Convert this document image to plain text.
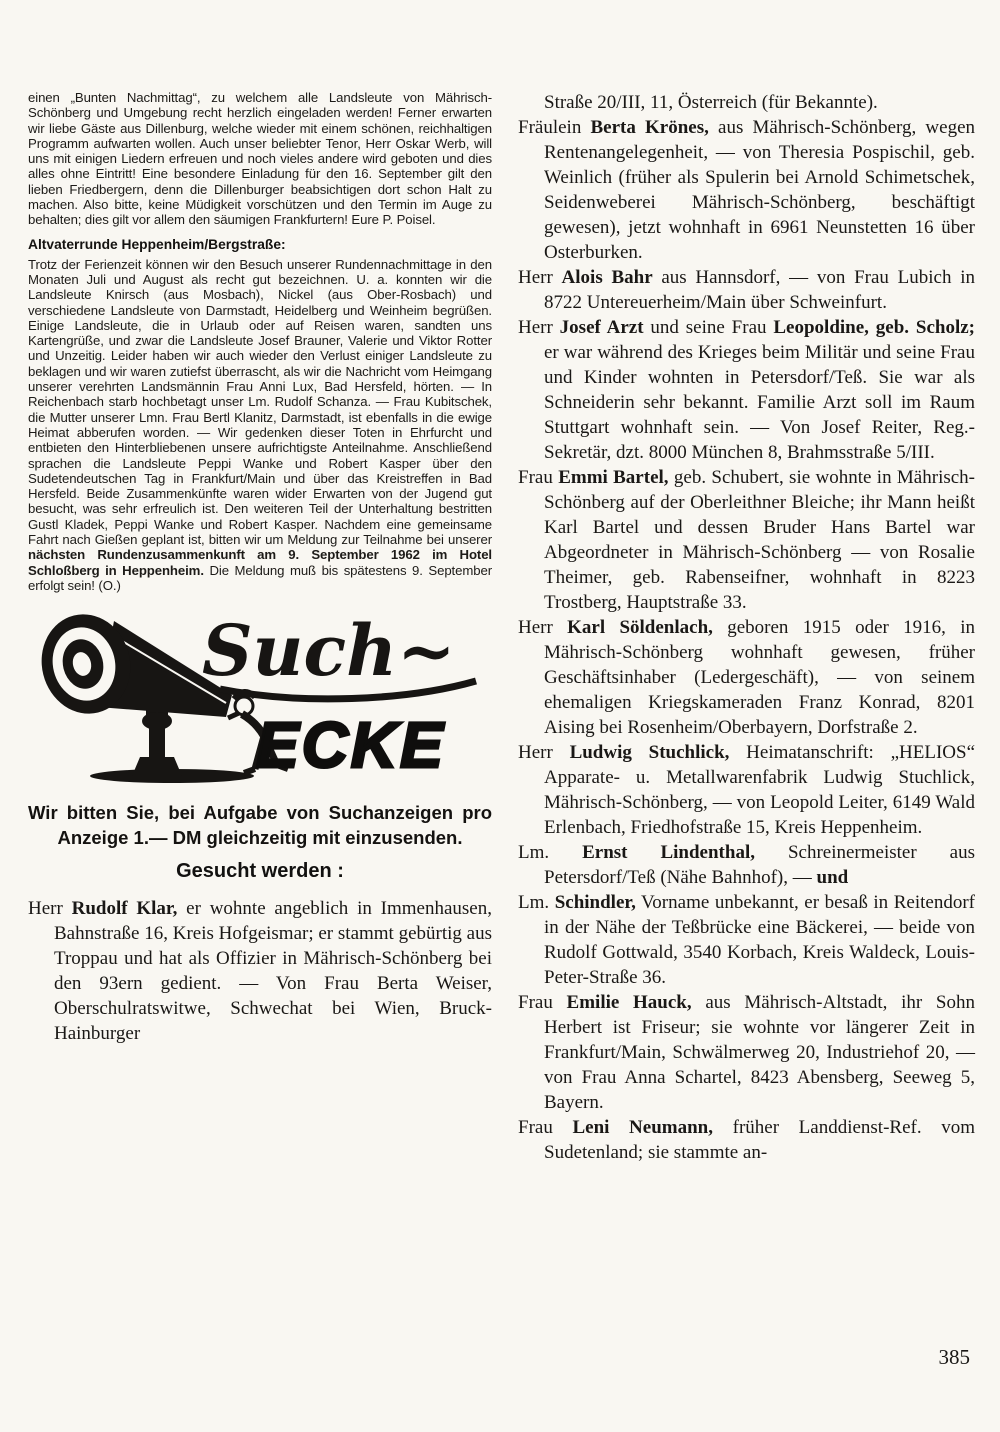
einen „Bunten Nachmittag“, zu welchem alle Landsleute von Mährisch-Schönberg und Umgebung recht herzlich eingeladen werden! Ferner erwarten wir liebe Gäste aus Dillenburg, welche wieder mit einem schönen, reichhaltigen Programm aufwarten wollen. Auch unser beliebter Tenor, Herr Oskar Werb, will uns mit einigen Liedern erfreuen und noch vieles andere wird geboten und dies alles ohne Eintritt! Eine besondere Einladung für den 16. September gilt den lieben Friedbergern, denn die Dillenburger beabsichtigen dort schon Halt zu machen. Also bitte, keine Müdigkeit vorschützen und den Termin im Auge zu behalten; dies gilt vor allem den säumigen Frankfurtern! Eure P. Poisel.

Altvaterrunde Heppenheim/Bergstraße:

Trotz der Ferienzeit können wir den Besuch unserer Rundennachmittage in den Monaten Juli und August als recht gut bezeichnen. U. a. konnten wir die Landsleute Knirsch (aus Mosbach), Nickel (aus Ober-Rosbach) und verschiedene Landsleute von Darmstadt, Heidelberg und Weinheim begrüßen. Einige Landsleute, die in Urlaub oder auf Reisen waren, sandten uns Kartengrüße, und zwar die Landsleute Josef Brauner, Valerie und Viktor Rotter und Unzeitig. Leider haben wir auch wieder den Verlust einiger Landsleute zu beklagen und wir waren zutiefst überrascht, als wir die Nachricht vom Heimgang unserer verehrten Landsmännin Frau Anni Lux, Bad Hersfeld, hörten. — In Reichenbach starb hochbetagt unser Lm. Rudolf Schanza. — Frau Kubitschek, die Mutter unserer Lmn. Frau Bertl Klanitz, Darmstadt, ist ebenfalls in die ewige Heimat abberufen worden. — Wir gedenken dieser Toten in Ehrfurcht und entbieten den Hinterbliebenen unsere aufrichtigste Anteilnahme. Anschließend sprachen die Landsleute Peppi Wanke und Robert Kasper über den Sudetendeutschen Tag in Frankfurt/Main und über das Kreistreffen in Bad Hersfeld. Beide Zusammenkünfte waren wider Erwarten von der Jugend gut besucht, was sehr erfreulich ist. Den weiteren Teil der Unterhaltung bestritten Gustl Kladek, Peppi Wanke und Robert Kasper. Nachdem eine gemeinsame Fahrt nach Gießen geplant ist, bitten wir um Meldung zur Teilnahme bei unserer nächsten Rundenzusammenkunft am 9. September 1962 im Hotel Schloßberg in Heppenheim. Die Meldung muß bis spätestens 9. September erfolgt sein! (O.)

Such~
ECKE

Wir bitten Sie, bei Aufgabe von Suchanzeigen pro Anzeige 1.— DM gleichzeitig mit einzusenden.

Gesucht werden :

Herr Rudolf Klar, er wohnte angeblich in Immenhausen, Bahnstraße 16, Kreis Hofgeismar; er stammt gebürtig aus Troppau und hat als Offizier in Mährisch-Schönberg bei den 93ern gedient. — Von Frau Berta Weiser, Oberschulratswitwe, Schwechat bei Wien, Bruck-Hainburger

Straße 20/III, 11, Österreich (für Bekannte).

Fräulein Berta Krönes, aus Mährisch-Schönberg, wegen Rentenangelegenheit, — von Theresia Pospischil, geb. Weinlich (früher als Spulerin bei Arnold Schimetschek, Seidenweberei Mährisch-Schönberg, beschäftigt gewesen), jetzt wohnhaft in 6961 Neunstetten 16 über Osterburken.

Herr Alois Bahr aus Hannsdorf, — von Frau Lubich in 8722 Untereuerheim/Main über Schweinfurt.

Herr Josef Arzt und seine Frau Leopoldine, geb. Scholz; er war während des Krieges beim Militär und seine Frau und Kinder wohnten in Petersdorf/Teß. Sie war als Schneiderin sehr bekannt. Familie Arzt soll im Raum Stuttgart wohnhaft sein. — Von Josef Reiter, Reg.-Sekretär, dzt. 8000 München 8, Brahmsstraße 5/III.

Frau Emmi Bartel, geb. Schubert, sie wohnte in Mährisch-Schönberg auf der Oberleithner Bleiche; ihr Mann heißt Karl Bartel und dessen Bruder Hans Bartel war Abgeordneter in Mährisch-Schönberg — von Rosalie Theimer, geb. Rabenseifner, wohnhaft in 8223 Trostberg, Hauptstraße 33.

Herr Karl Söldenlach, geboren 1915 oder 1916, in Mährisch-Schönberg wohnhaft gewesen, früher Geschäftsinhaber (Ledergeschäft), — von seinem ehemaligen Kriegskameraden Franz Konrad, 8201 Aising bei Rosenheim/Oberbayern, Dorfstraße 2.

Herr Ludwig Stuchlick, Heimatanschrift: „HELIOS“ Apparate- u. Metallwarenfabrik Ludwig Stuchlick, Mährisch-Schönberg, — von Leopold Leiter, 6149 Wald Erlenbach, Friedhofstraße 15, Kreis Heppenheim.

Lm. Ernst Lindenthal, Schreinermeister aus Petersdorf/Teß (Nähe Bahnhof), — und

Lm. Schindler, Vorname unbekannt, er besaß in Reitendorf in der Nähe der Teßbrücke eine Bäckerei, — beide von Rudolf Gottwald, 3540 Korbach, Kreis Waldeck, Louis-Peter-Straße 36.

Frau Emilie Hauck, aus Mährisch-Altstadt, ihr Sohn Herbert ist Friseur; sie wohnte vor längerer Zeit in Frankfurt/Main, Schwälmerweg 20, Industriehof 20, — von Frau Anna Schartel, 8423 Abensberg, Seeweg 5, Bayern.

Frau Leni Neumann, früher Landdienst-Ref. vom Sudetenland; sie stammte an-

385
